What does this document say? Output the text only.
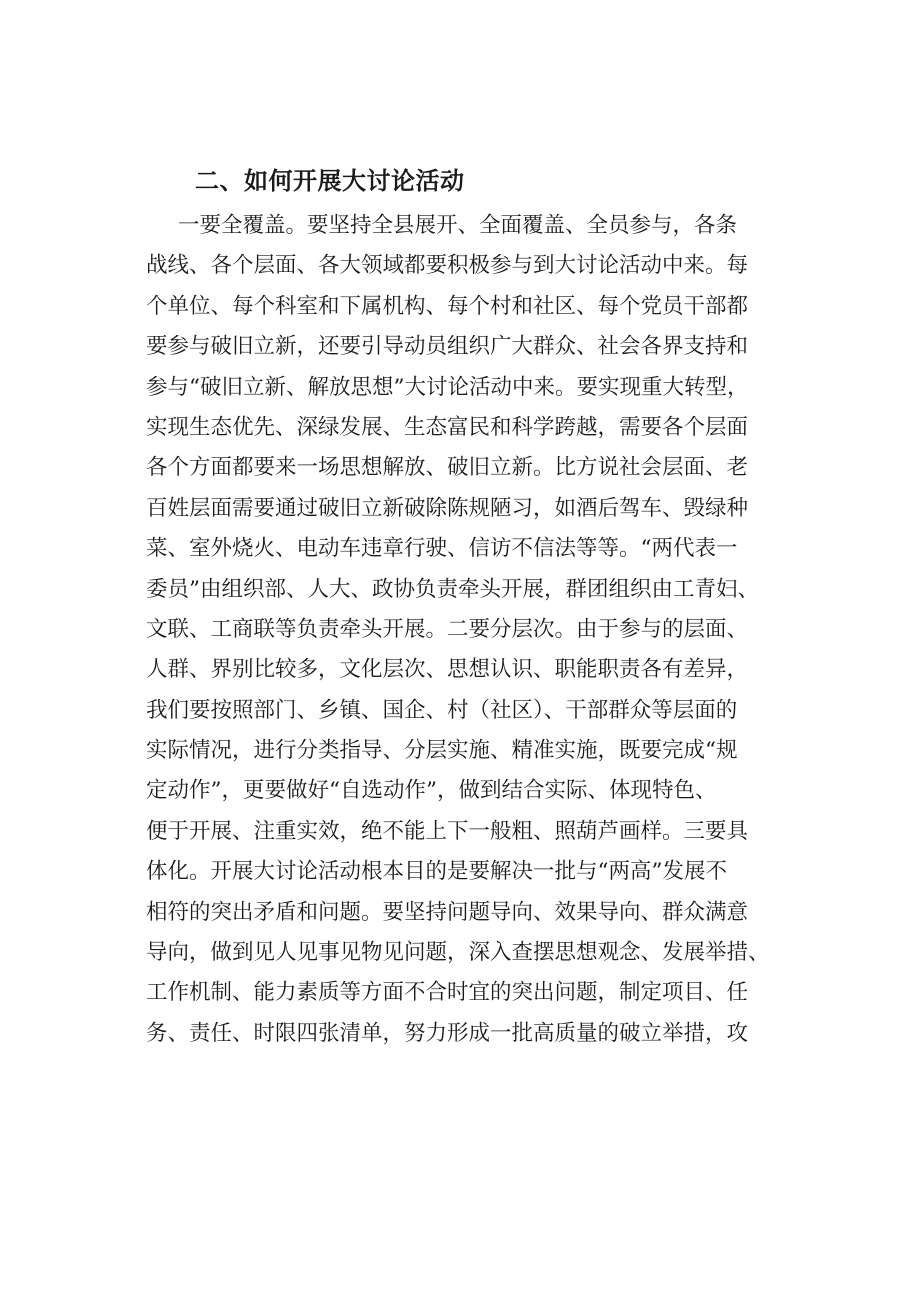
二、如何开展大讨论活动
一要全覆盖。要坚持全县展开、全面覆盖、全员参与，各条
战线、各个层面、各大领域都要积极参与到大讨论活动中来。每
个单位、每个科室和下属机构、每个村和社区、每个党员干部都
要参与破旧立新，还要引导动员组织广大群众、社会各界支持和
参与“破旧立新、解放思想”大讨论活动中来。要实现重大转型，
实现生态优先、深绿发展、生态富民和科学跨越，需要各个层面
各个方面都要来一场思想解放、破旧立新。比方说社会层面、老
百姓层面需要通过破旧立新破除陈规陋习，如酒后驾车、毁绿种
菜、室外烧火、电动车违章行驶、信访不信法等等。“两代表一
委员”由组织部、人大、政协负责牵头开展，群团组织由工青妇、
文联、工商联等负责牵头开展。二要分层次。由于参与的层面、
人群、界别比较多，文化层次、思想认识、职能职责各有差异，
我们要按照部门、乡镇、国企、村（社区）、干部群众等层面的
实际情况，进行分类指导、分层实施、精准实施，既要完成“规
定动作”，更要做好“自选动作”，做到结合实际、体现特色、
便于开展、注重实效，绝不能上下一般粗、照葫芦画样。三要具
体化。开展大讨论活动根本目的是要解决一批与“两高”发展不
相符的突出矛盾和问题。要坚持问题导向、效果导向、群众满意
导向，做到见人见事见物见问题，深入查摆思想观念、发展举措、
工作机制、能力素质等方面不合时宜的突出问题，制定项目、任
务、责任、时限四张清单，努力形成一批高质量的破立举措，攻
